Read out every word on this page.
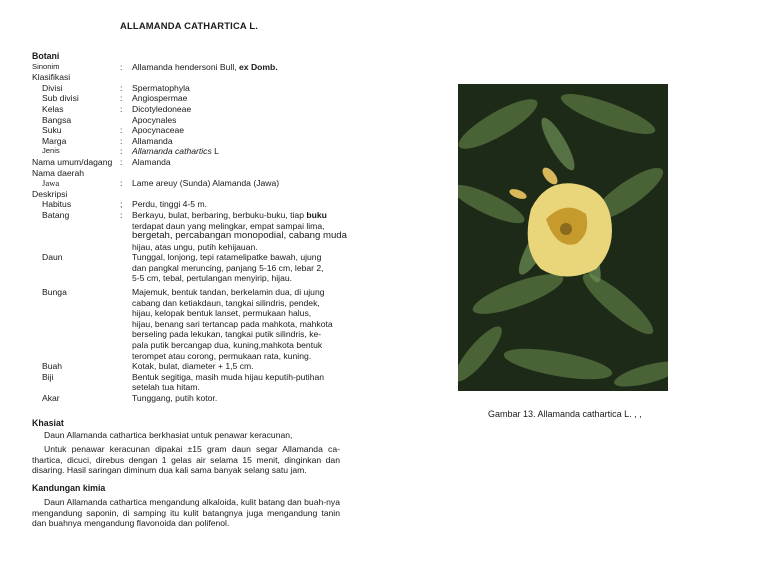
ALLAMANDA CATHARTICA L.
Botani
Sinonim	:	Allamanda hendersoni Bull, ex Domb.
Klasifikasi
Divisi	:	Spermatophyla
Sub divisi	:	Angiospermae
Kelas	:	Dicotyledoneae
Bangsa	Apocynales
Suku	:	Apocynaceae
Marga	:	Allamanda
Jenis	:	Allamanda cathartics L
Nama umum/dagang :	Alamanda
Nama daerah
Jawa	:	Lame areuy (Sunda) Alamanda (Jawa)
Deskripsi
Habitus	;	Perdu, tinggi 4-5 m.
Batang	:	Berkayu, bulat, berbaring, berbuku-buku, tiap buku
terdapat daun yang melingkar, empat sampai lima,
bergetah, percabangan monopodial, cabang muda
hijau, atas ungu, putih kehijauan.
Daun	Tunggal, lonjong, tepi ratamelipatke bawah, ujung
dan pangkal meruncing, panjang 5-16 cm, lebar 2,
5-5 cm, tebal, pertulangan menyirip, hijau.
Bunga	Majemuk, bentuk tandan, berkelamin dua, di ujung
cabang dan ketiakdaun, tangkai silindris, pendek,
hijau, kelopak bentuk lanset, permukaan halus,
hijau, benang sari tertancap pada mahkota, mahkota
berseling pada lekukan, tangkai putik silindris, ke-
pala putik bercangap dua, kuning,mahkota bentuk
terompet atau corong, permukaan rata, kuning.
Buah	Kotak, bulat, diameter + 1,5 cm.
Biji	Bentuk segitiga, masih muda hijau keputih-putihan
setelah tua hitam.
Akar	Tunggang, putih kotor.
Khasiat
Daun Allamanda cathartica berkhasiat untuk penawar keracunan,
Untuk penawar keracunan dipakai ±15 gram daun segar Allamanda ca-thartica, dicuci, direbus dengan 1 gelas air selama 15 menit, dinginkan dan disaring. Hasil saringan diminum dua kali sama banyak selang satu jam.
Kandungan kimia
Daun Allamanda cathartica mengandung alkaloida, kulit batang dan buah-nya mengandung saponin, di samping itu kulit batangnya juga mengandung tanin dan buahnya mengandung flavonoida dan polifenol.
Gambar 13. Allamanda cathartica L. , ,
